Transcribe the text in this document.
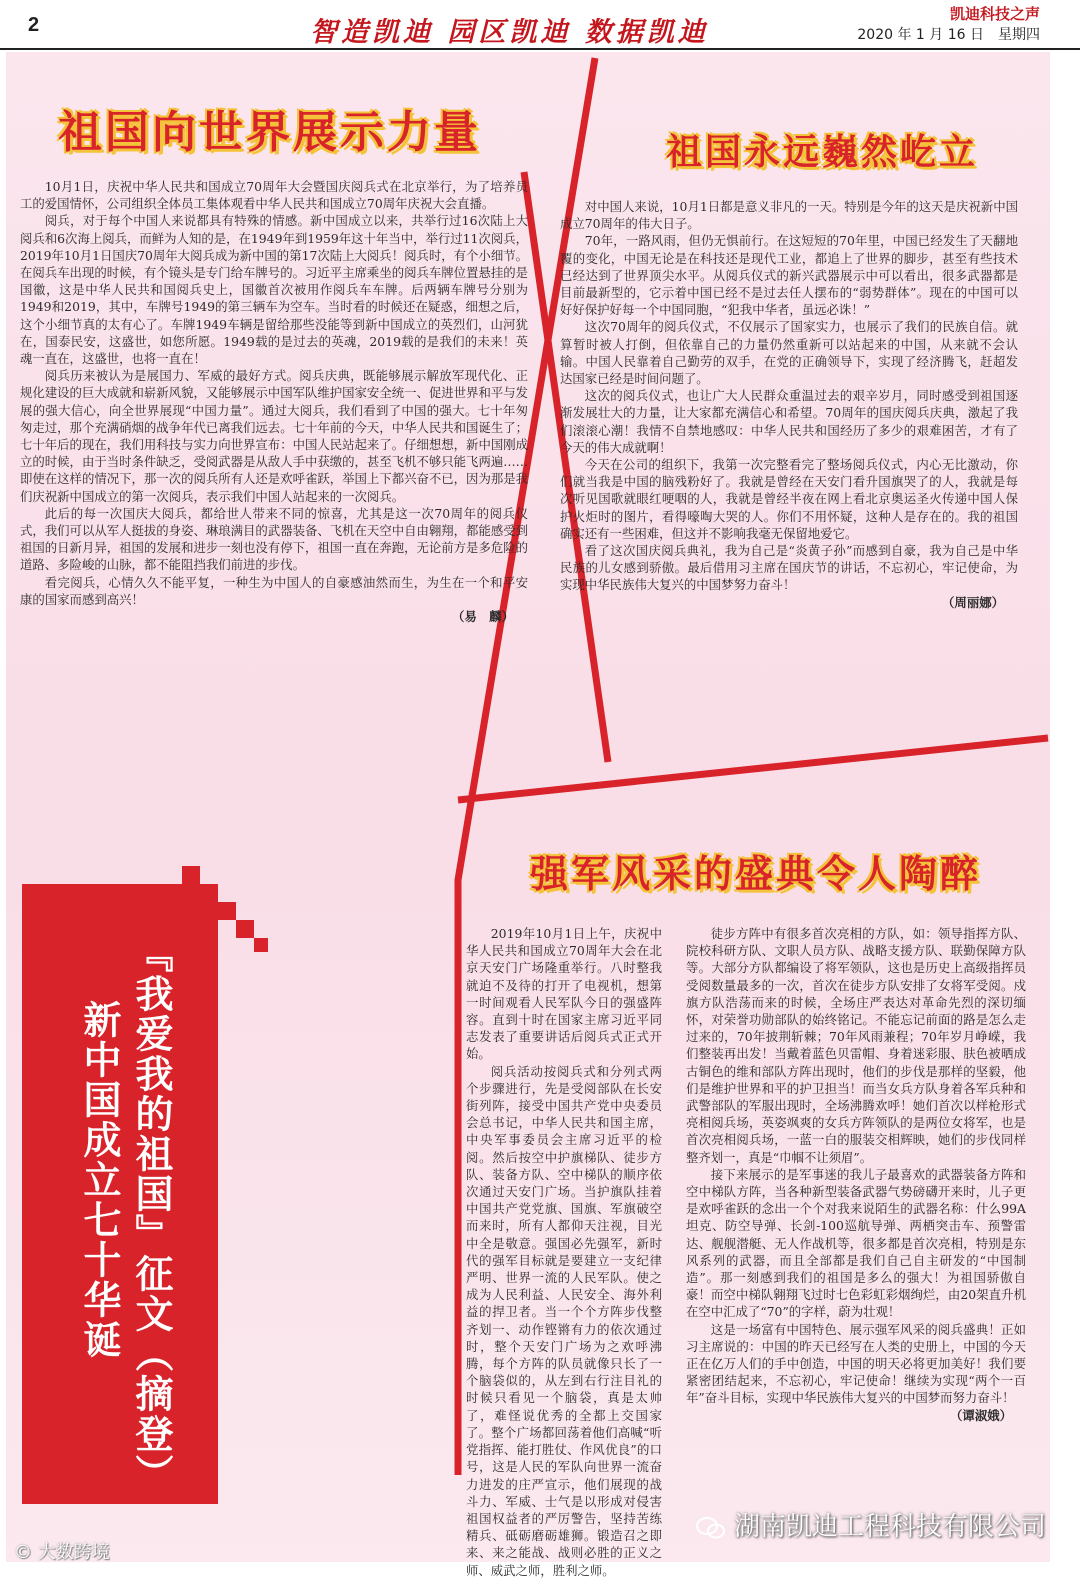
2	智造凯迪 园区凯迪 数据凯迪
凯迪科技之声
2020 年 1 月 16 日　星期四
祖国向世界展示力量

10月1日，庆祝中华人民共和国成立70周年大会暨国庆阅兵式在北京举行，为了培养员工的爱国情怀，公司组织全体员工集体观看中华人民共和国成立70周年庆祝大会直播。

阅兵，对于每个中国人来说都具有特殊的情感。新中国成立以来，共举行过16次陆上大阅兵和6次海上阅兵，而鲜为人知的是，在1949年到1959年这十年当中，举行过11次阅兵，2019年10月1日国庆70周年大阅兵成为新中国的第17次陆上大阅兵！阅兵时，有个小细节。在阅兵车出现的时候，有个镜头是专门给车牌号的。习近平主席乘坐的阅兵车牌位置悬挂的是国徽，这是中华人民共和国阅兵史上，国徽首次被用作阅兵车车牌。后两辆车牌号分别为1949和2019，其中，车牌号1949的第三辆车为空车。当时看的时候还在疑惑，细想之后，这个小细节真的太有心了。车牌1949车辆是留给那些没能等到新中国成立的英烈们，山河犹在，国泰民安，这盛世，如您所愿。1949载的是过去的英魂，2019载的是我们的未来！英魂一直在，这盛世，也将一直在！

阅兵历来被认为是展国力、军威的最好方式。阅兵庆典，既能够展示解放军现代化、正规化建设的巨大成就和崭新风貌，又能够展示中国军队维护国家安全统一、促进世界和平与发展的强大信心，向全世界展现“中国力量”。通过大阅兵，我们看到了中国的强大。七十年匆匆走过，那个充满硝烟的战争年代已离我们远去。七十年前的今天，中华人民共和国诞生了；七十年后的现在，我们用科技与实力向世界宣布：中国人民站起来了。仔细想想，新中国刚成立的时候，由于当时条件缺乏，受阅武器是从敌人手中获缴的，甚至飞机不够只能飞两遍……即使在这样的情况下，那一次的阅兵所有人还是欢呼雀跃，举国上下都兴奋不已，因为那是我们庆祝新中国成立的第一次阅兵，表示我们中国人站起来的一次阅兵。

此后的每一次国庆大阅兵，都给世人带来不同的惊喜，尤其是这一次70周年的阅兵仪式，我们可以从军人挺拔的身姿、琳琅满目的武器装备、飞机在天空中自由翱翔，都能感受到祖国的日新月异，祖国的发展和进步一刻也没有停下，祖国一直在奔跑，无论前方是多危险的道路、多险峻的山脉，都不能阻挡我们前进的步伐。

看完阅兵，心情久久不能平复，一种生为中国人的自豪感油然而生，为生在一个和平安康的国家而感到高兴！

（易　麟）
祖国永远巍然屹立

对中国人来说，10月1日都是意义非凡的一天。特别是今年的这天是庆祝新中国成立70周年的伟大日子。

70年，一路风雨，但仍无惧前行。在这短短的70年里，中国已经发生了天翻地覆的变化，中国无论是在科技还是现代工业，都追上了世界的脚步，甚至有些技术已经达到了世界顶尖水平。从阅兵仪式的新兴武器展示中可以看出，很多武器都是目前最新型的，它示着中国已经不是过去任人摆布的“弱势群体”。现在的中国可以好好保护好每一个中国同胞，“犯我中华者，虽远必诛！”

这次70周年的阅兵仪式，不仅展示了国家实力，也展示了我们的民族自信。就算暂时被人打倒，但依靠自己的力量仍然重新可以站起来的中国，从来就不会认输。中国人民靠着自己勤劳的双手，在党的正确领导下，实现了经济腾飞，赶超发达国家已经是时间问题了。

这次的阅兵仪式，也让广大人民群众重温过去的艰辛岁月，同时感受到祖国逐渐发展壮大的力量，让大家都充满信心和希望。70周年的国庆阅兵庆典，激起了我们滚滚心潮！我情不自禁地感叹：中华人民共和国经历了多少的艰难困苦，才有了今天的伟大成就啊！

今天在公司的组织下，我第一次完整看完了整场阅兵仪式，内心无比激动，你们就当我是中国的脑残粉好了。我就是曾经在天安门看升国旗哭了的人，我就是每次听见国歌就眼红哽咽的人，我就是曾经半夜在网上看北京奥运圣火传递中国人保护火炬时的图片，看得嚎啕大哭的人。你们不用怀疑，这种人是存在的。我的祖国确实还有一些困难，但这并不影响我毫无保留地爱它。

看了这次国庆阅兵典礼，我为自己是“炎黄子孙”而感到自豪，我为自己是中华民族的儿女感到骄傲。最后借用习主席在国庆节的讲话，不忘初心，牢记使命，为实现中华民族伟大复兴的中国梦努力奋斗！

（周丽娜）
强军风采的盛典令人陶醉

2019年10月1日上午，庆祝中华人民共和国成立70周年大会在北京天安门广场隆重举行。八时整我就迫不及待的打开了电视机，想第一时间观看人民军队今日的强盛阵容。直到十时在国家主席习近平同志发表了重要讲话后阅兵式正式开始。

阅兵活动按阅兵式和分列式两个步骤进行，先是受阅部队在长安街列阵，接受中国共产党中央委员会总书记，中华人民共和国主席，中央军事委员会主席习近平的检阅。然后按空中护旗梯队、徒步方队、装备方队、空中梯队的顺序依次通过天安门广场。当护旗队挂着中国共产党党旗、国旗、军旗破空而来时，所有人都仰天注视，目光中全是敬意。强国必先强军，新时代的强军目标就是要建立一支纪律严明、世界一流的人民军队。使之成为人民利益、人民安全、海外利益的捍卫者。当一个个方阵步伐整齐划一、动作铿锵有力的依次通过时，整个天安门广场为之欢呼沸腾，每个方阵的队员就像只长了一个脑袋似的，从左到右行注目礼的时候只看见一个脑袋，真是太帅了，难怪说优秀的全都上交国家了。整个广场都回荡着他们高喊“听党指挥、能打胜仗、作风优良”的口号，这是人民的军队向世界一流奋力进发的庄严宣示，他们展现的战斗力、军威、士气是以形成对侵害祖国权益者的严厉警告，坚持苦练精兵、砥砺磨砺雄狮。锻造召之即来、来之能战、战则必胜的正义之师、威武之师，胜利之师。

徒步方阵中有很多首次亮相的方队，如：领导指挥方队、院校科研方队、文职人员方队、战略支援方队、联勤保障方队等。大部分方队都编设了将军领队，这也是历史上高级指挥员受阅数量最多的一次，首次在徒步方队安排了女将军受阅。戍旗方队浩荡而来的时候，全场庄严表达对革命先烈的深切缅怀，对荣誉功勋部队的始终铭记。不能忘记前面的路是怎么走过来的，70年披荆斩棘；70年风雨兼程；70年岁月峥嵘，我们整装再出发！当戴着蓝色贝雷帽、身着迷彩服、肤色被晒成古铜色的维和部队方阵出现时，他们的步伐是那样的坚毅，他们是维护世界和平的护卫担当！而当女兵方队身着各军兵种和武警部队的军服出现时，全场沸腾欢呼！她们首次以样枪形式亮相阅兵场，英姿飒爽的女兵方阵领队的是两位女将军，也是首次亮相阅兵场，一蓝一白的服装交相辉映，她们的步伐同样整齐划一，真是“巾帼不让须眉”。

接下来展示的是军事迷的我儿子最喜欢的武器装备方阵和空中梯队方阵，当各种新型装备武器气势磅礴开来时，儿子更是欢呼雀跃的念出一个个对我来说陌生的武器名称：什么99A坦克、防空导弹、长剑-100巡航导弹、两栖突击车、预警雷达、舰舰潜艇、无人作战机等，很多都是首次亮相，特别是东风系列的武器，而且全部都是我们自己自主研发的“中国制造”。那一刻感到我们的祖国是多么的强大！为祖国骄傲自豪！而空中梯队翱翔飞过时七色彩虹彩烟绚烂，由20架直升机在空中汇成了“70”的字样，蔚为壮观！

这是一场富有中国特色、展示强军风采的阅兵盛典！正如习主席说的：中国的昨天已经写在人类的史册上，中国的今天正在亿万人们的手中创造，中国的明天必将更加美好！我们要紧密团结起来，不忘初心，牢记使命！继续为实现“两个一百年”奋斗目标，实现中华民族伟大复兴的中国梦而努力奋斗！

（谭淑娥）
『我爱我的祖国』征文（摘登）
新中国成立七十华诞
© 大数跨境
湖南凯迪工程科技有限公司
